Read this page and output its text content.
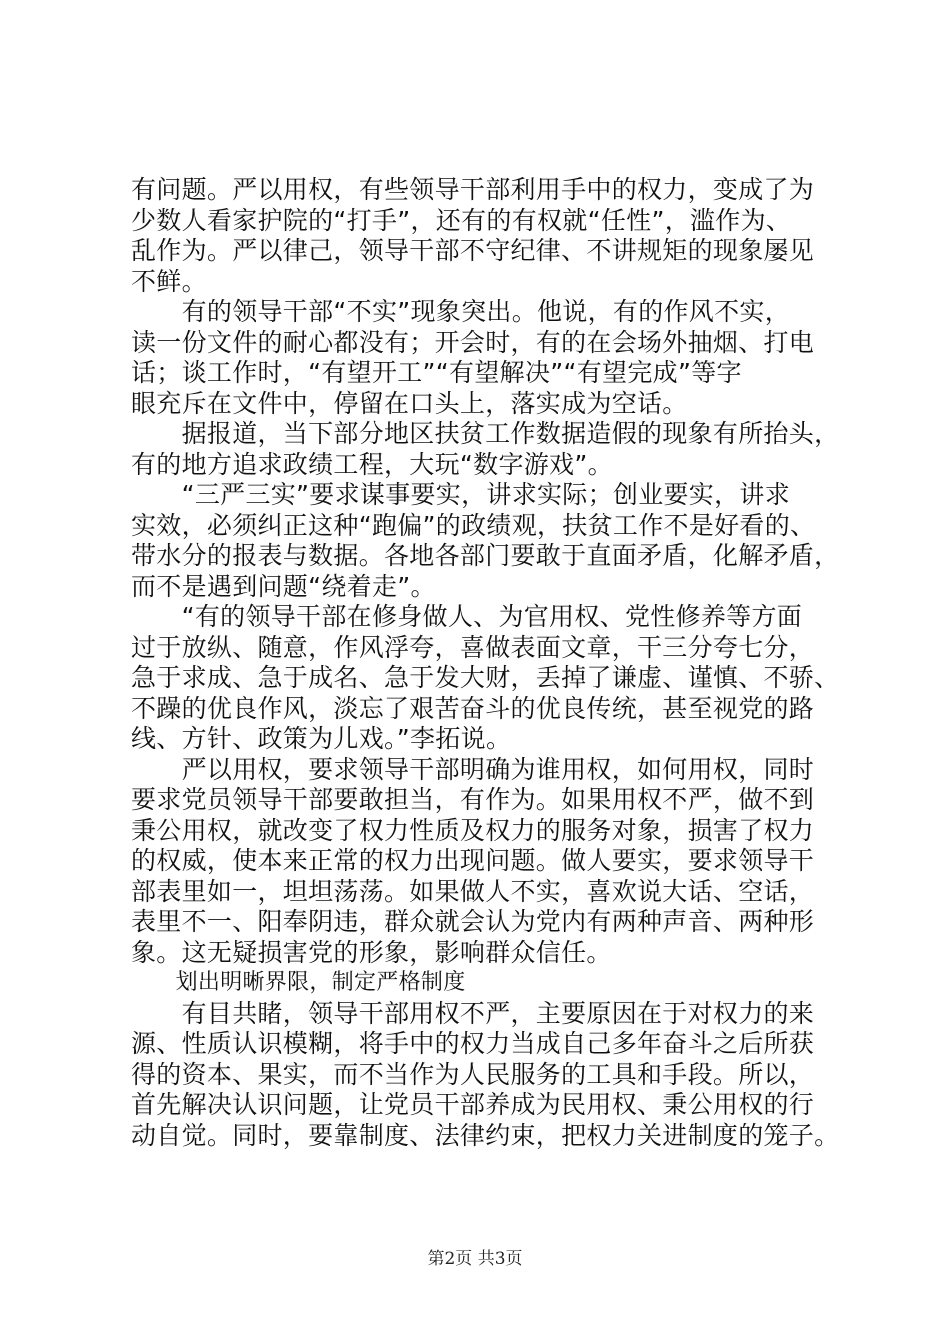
有问题。严以用权，有些领导干部利用手中的权力，变成了为
少数人看家护院的“打手”，还有的有权就“任性”，滥作为、
乱作为。严以律己，领导干部不守纪律、不讲规矩的现象屡见
不鲜。
　　有的领导干部“不实”现象突出。他说，有的作风不实，
读一份文件的耐心都没有；开会时，有的在会场外抽烟、打电
话；谈工作时，“有望开工”“有望解决”“有望完成”等字
眼充斥在文件中，停留在口头上，落实成为空话。
　　据报道，当下部分地区扶贫工作数据造假的现象有所抬头，
有的地方追求政绩工程，大玩“数字游戏”。
　　“三严三实”要求谋事要实，讲求实际；创业要实，讲求
实效，必须纠正这种“跑偏”的政绩观，扶贫工作不是好看的、
带水分的报表与数据。各地各部门要敢于直面矛盾，化解矛盾，
而不是遇到问题“绕着走”。
　　“有的领导干部在修身做人、为官用权、党性修养等方面
过于放纵、随意，作风浮夸，喜做表面文章，干三分夸七分，
急于求成、急于成名、急于发大财，丢掉了谦虚、谨慎、不骄、
不躁的优良作风，淡忘了艰苦奋斗的优良传统，甚至视党的路
线、方针、政策为儿戏。”李拓说。
　　严以用权，要求领导干部明确为谁用权，如何用权，同时
要求党员领导干部要敢担当，有作为。如果用权不严，做不到
秉公用权，就改变了权力性质及权力的服务对象，损害了权力
的权威，使本来正常的权力出现问题。做人要实，要求领导干
部表里如一，坦坦荡荡。如果做人不实，喜欢说大话、空话，
表里不一、阳奉阴违，群众就会认为党内有两种声音、两种形
象。这无疑损害党的形象，影响群众信任。
　　划出明晰界限，制定严格制度
　　有目共睹，领导干部用权不严，主要原因在于对权力的来
源、性质认识模糊，将手中的权力当成自己多年奋斗之后所获
得的资本、果实，而不当作为人民服务的工具和手段。所以，
首先解决认识问题，让党员干部养成为民用权、秉公用权的行
动自觉。同时，要靠制度、法律约束，把权力关进制度的笼子。
第2页 共3页
